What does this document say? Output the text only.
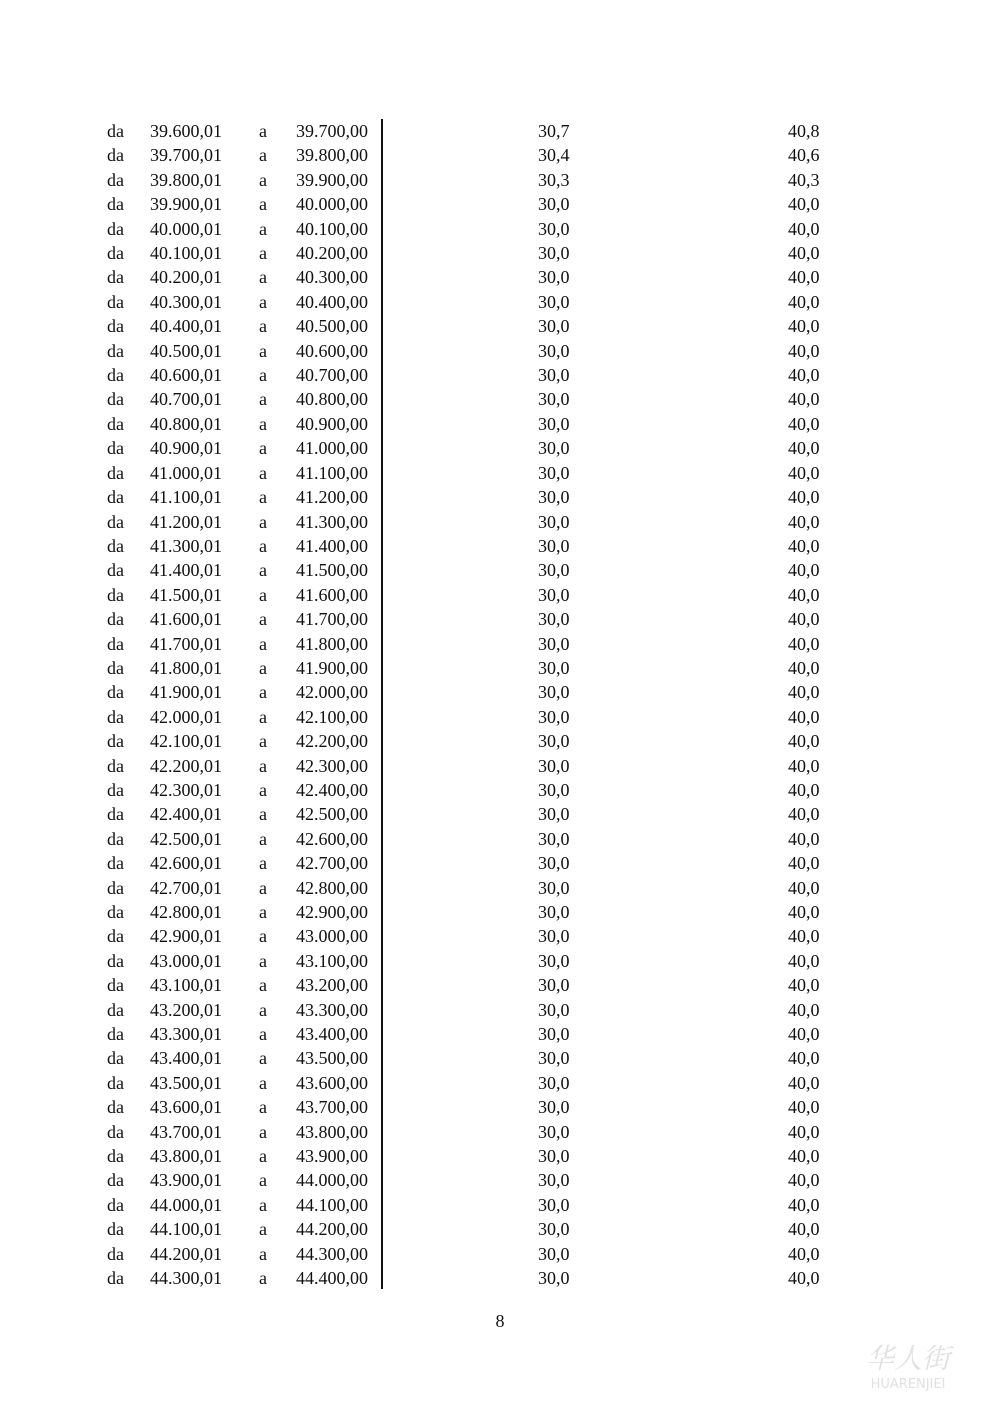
da 39.600,01 a 39.700,00	30,7	40,8
da 39.700,01 a 39.800,00	30,4	40,6
da 39.800,01 a 39.900,00	30,3	40,3
da 39.900,01 a 40.000,00	30,0	40,0
da 40.000,01 a 40.100,00	30,0	40,0
da 40.100,01 a 40.200,00	30,0	40,0
da 40.200,01 a 40.300,00	30,0	40,0
da 40.300,01 a 40.400,00	30,0	40,0
da 40.400,01 a 40.500,00	30,0	40,0
da 40.500,01 a 40.600,00	30,0	40,0
da 40.600,01 a 40.700,00	30,0	40,0
da 40.700,01 a 40.800,00	30,0	40,0
da 40.800,01 a 40.900,00	30,0	40,0
da 40.900,01 a 41.000,00	30,0	40,0
da 41.000,01 a 41.100,00	30,0	40,0
da 41.100,01 a 41.200,00	30,0	40,0
da 41.200,01 a 41.300,00	30,0	40,0
da 41.300,01 a 41.400,00	30,0	40,0
da 41.400,01 a 41.500,00	30,0	40,0
da 41.500,01 a 41.600,00	30,0	40,0
da 41.600,01 a 41.700,00	30,0	40,0
da 41.700,01 a 41.800,00	30,0	40,0
da 41.800,01 a 41.900,00	30,0	40,0
da 41.900,01 a 42.000,00	30,0	40,0
da 42.000,01 a 42.100,00	30,0	40,0
da 42.100,01 a 42.200,00	30,0	40,0
da 42.200,01 a 42.300,00	30,0	40,0
da 42.300,01 a 42.400,00	30,0	40,0
da 42.400,01 a 42.500,00	30,0	40,0
da 42.500,01 a 42.600,00	30,0	40,0
da 42.600,01 a 42.700,00	30,0	40,0
da 42.700,01 a 42.800,00	30,0	40,0
da 42.800,01 a 42.900,00	30,0	40,0
da 42.900,01 a 43.000,00	30,0	40,0
da 43.000,01 a 43.100,00	30,0	40,0
da 43.100,01 a 43.200,00	30,0	40,0
da 43.200,01 a 43.300,00	30,0	40,0
da 43.300,01 a 43.400,00	30,0	40,0
da 43.400,01 a 43.500,00	30,0	40,0
da 43.500,01 a 43.600,00	30,0	40,0
da 43.600,01 a 43.700,00	30,0	40,0
da 43.700,01 a 43.800,00	30,0	40,0
da 43.800,01 a 43.900,00	30,0	40,0
da 43.900,01 a 44.000,00	30,0	40,0
da 44.000,01 a 44.100,00	30,0	40,0
da 44.100,01 a 44.200,00	30,0	40,0
da 44.200,01 a 44.300,00	30,0	40,0
da 44.300,01 a 44.400,00	30,0	40,0
8
华人街
HUARENJIEI
